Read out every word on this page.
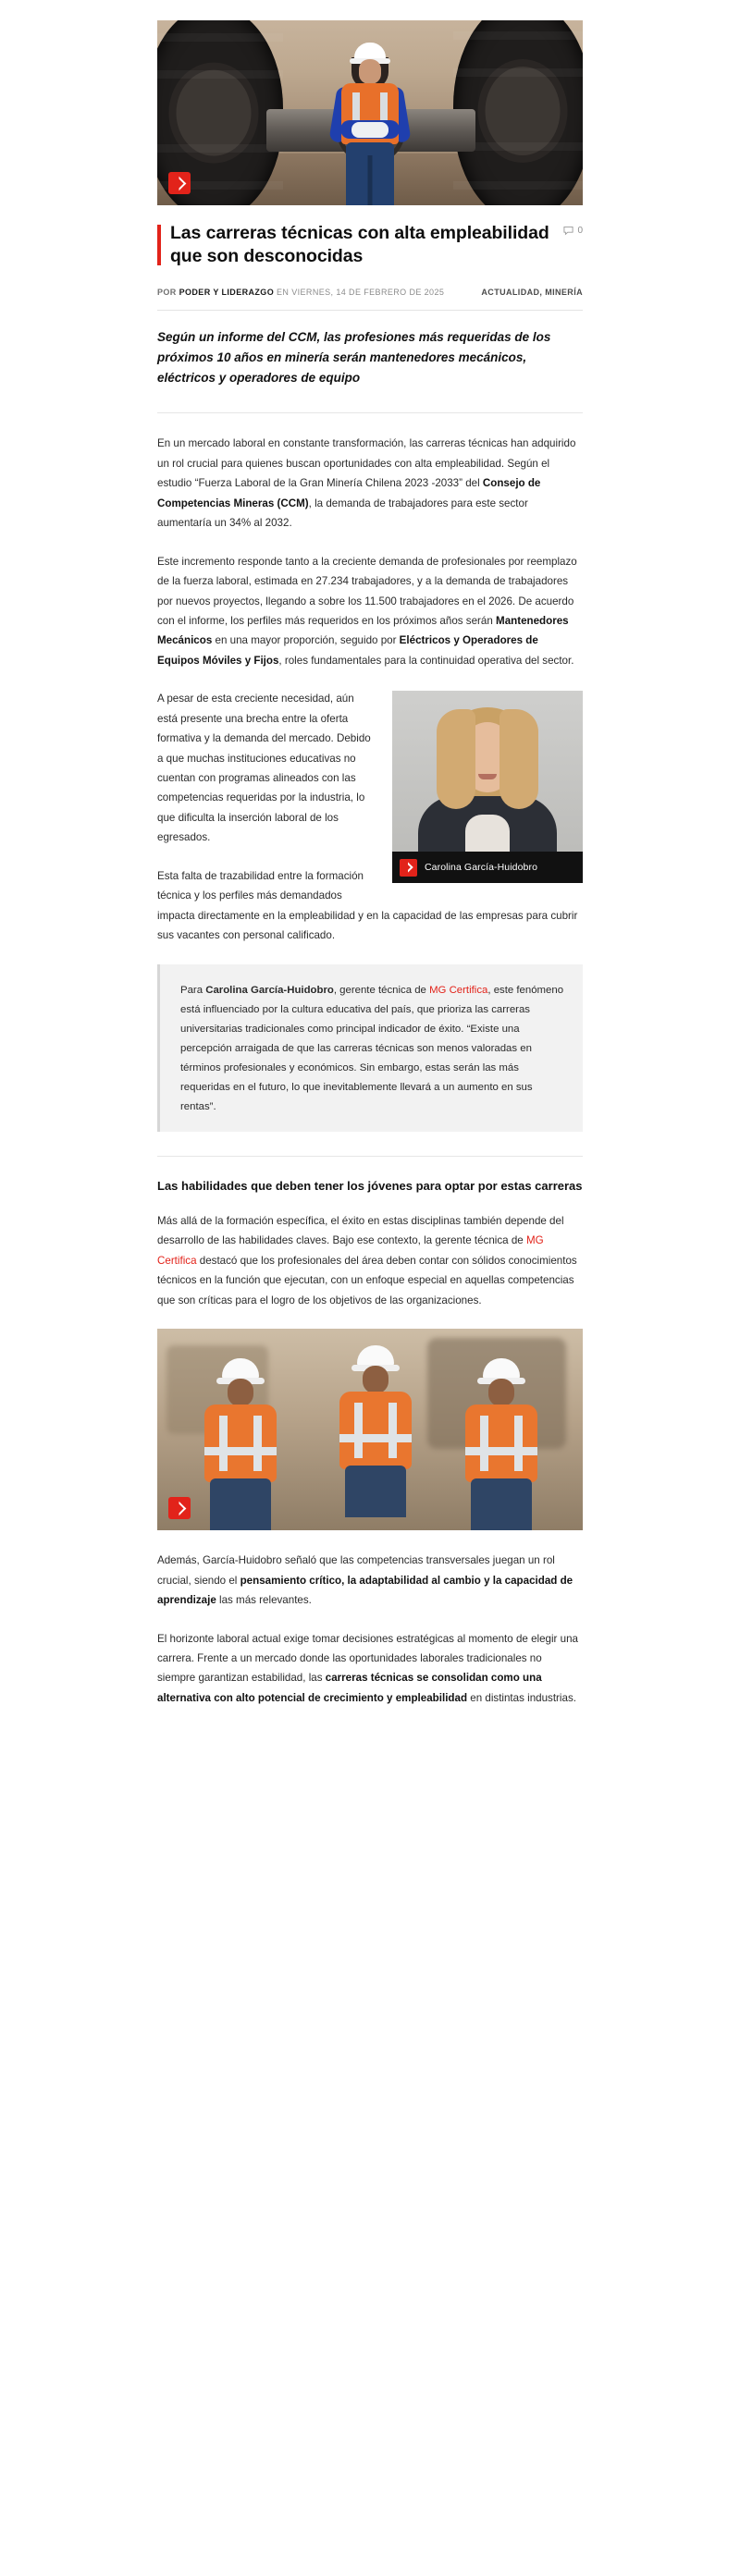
Las carreras técnicas con alta empleabilidad que son desconocidas
0
POR PODER Y LIDERAZGO EN VIERNES, 14 DE FEBRERO DE 2025	ACTUALIDAD, MINERÍA

Según un informe del CCM, las profesiones más requeridas de los próximos 10 años en minería serán mantenedores mecánicos, eléctricos y operadores de equipo

En un mercado laboral en constante transformación, las carreras técnicas han adquirido un rol crucial para quienes buscan oportunidades con alta empleabilidad. Según el estudio “Fuerza Laboral de la Gran Minería Chilena 2023 -2033” del Consejo de Competencias Mineras (CCM), la demanda de trabajadores para este sector aumentaría un 34% al 2032.

Este incremento responde tanto a la creciente demanda de profesionales por reemplazo de la fuerza laboral, estimada en 27.234 trabajadores, y a la demanda de trabajadores por nuevos proyectos, llegando a sobre los 11.500 trabajadores en el 2026. De acuerdo con el informe, los perfiles más requeridos en los próximos años serán Mantenedores Mecánicos en una mayor proporción, seguido por Eléctricos y Operadores de Equipos Móviles y Fijos, roles fundamentales para la continuidad operativa del sector.

Carolina García-Huidobro

A pesar de esta creciente necesidad, aún está presente una brecha entre la oferta formativa y la demanda del mercado. Debido a que muchas instituciones educativas no cuentan con programas alineados con las competencias requeridas por la industria, lo que dificulta la inserción laboral de los egresados.

Esta falta de trazabilidad entre la formación técnica y los perfiles más demandados impacta directamente en la empleabilidad y en la capacidad de las empresas para cubrir sus vacantes con personal calificado.

Para Carolina García-Huidobro, gerente técnica de MG Certifica, este fenómeno está influenciado por la cultura educativa del país, que prioriza las carreras universitarias tradicionales como principal indicador de éxito. “Existe una percepción arraigada de que las carreras técnicas son menos valoradas en términos profesionales y económicos. Sin embargo, estas serán las más requeridas en el futuro, lo que inevitablemente llevará a un aumento en sus rentas”.

Las habilidades que deben tener los jóvenes para optar por estas carreras

Más allá de la formación específica, el éxito en estas disciplinas también depende del desarrollo de las habilidades claves. Bajo ese contexto, la gerente técnica de MG Certifica destacó que los profesionales del área deben contar con sólidos conocimientos técnicos en la función que ejecutan, con un enfoque especial en aquellas competencias que son críticas para el logro de los objetivos de las organizaciones.

Además, García-Huidobro señaló que las competencias transversales juegan un rol crucial, siendo el pensamiento crítico, la adaptabilidad al cambio y la capacidad de aprendizaje las más relevantes.

El horizonte laboral actual exige tomar decisiones estratégicas al momento de elegir una carrera. Frente a un mercado donde las oportunidades laborales tradicionales no siempre garantizan estabilidad, las carreras técnicas se consolidan como una alternativa con alto potencial de crecimiento y empleabilidad en distintas industrias.
